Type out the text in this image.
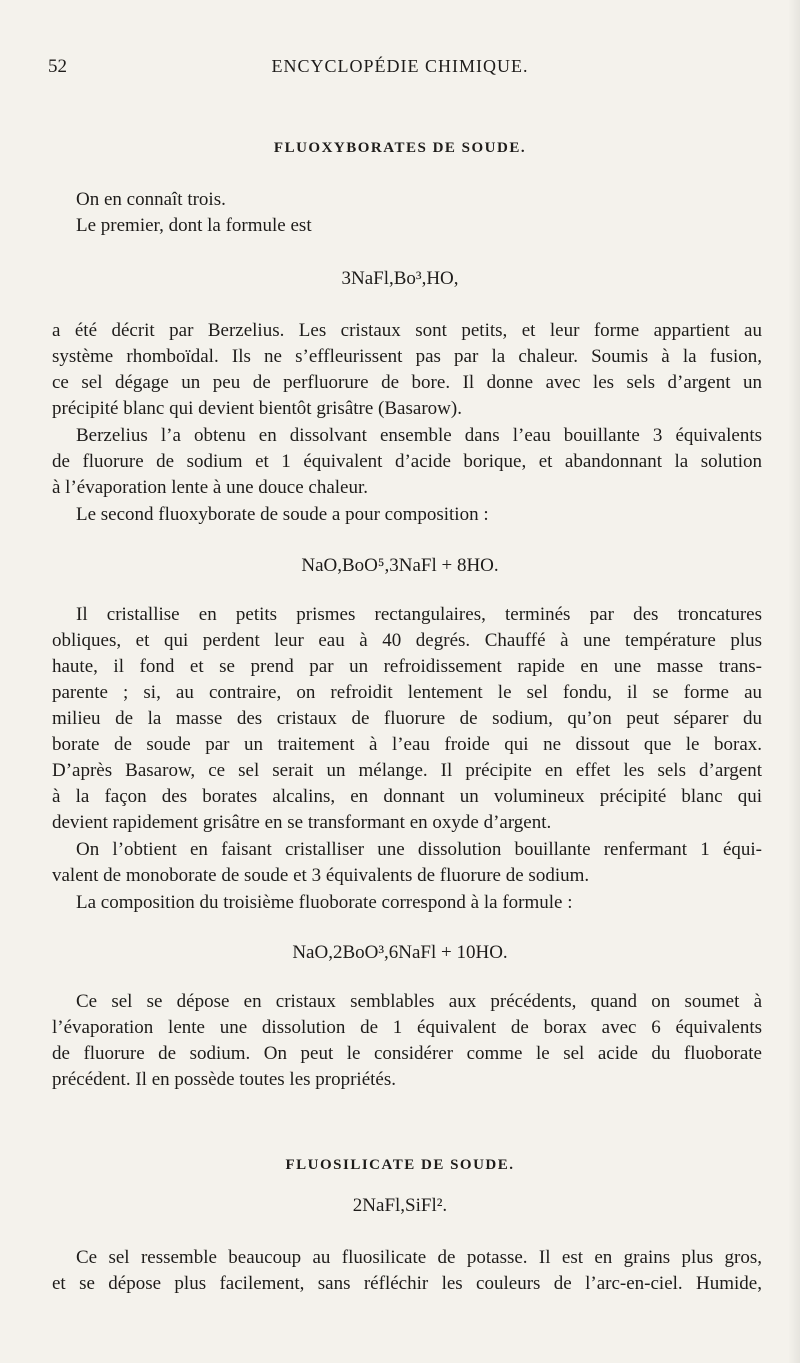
52	ENCYCLOPÉDIE CHIMIQUE.
FLUOXYBORATES DE SOUDE.
On en connaît trois.
Le premier, dont la formule est
3NaFl,Bo³,HO,
a été décrit par Berzelius. Les cristaux sont petits, et leur forme appartient au
système rhomboïdal. Ils ne s’effleurissent pas par la chaleur. Soumis à la fusion,
ce sel dégage un peu de perfluorure de bore. Il donne avec les sels d’argent un
précipité blanc qui devient bientôt grisâtre (Basarow).
Berzelius l’a obtenu en dissolvant ensemble dans l’eau bouillante 3 équivalents
de fluorure de sodium et 1 équivalent d’acide borique, et abandonnant la solution
à l’évaporation lente à une douce chaleur.
Le second fluoxyborate de soude a pour composition :
NaO,BoO⁵,3NaFl + 8HO.
Il cristallise en petits prismes rectangulaires, terminés par des troncatures
obliques, et qui perdent leur eau à 40 degrés. Chauffé à une température plus
haute, il fond et se prend par un refroidissement rapide en une masse trans-
parente ; si, au contraire, on refroidit lentement le sel fondu, il se forme au
milieu de la masse des cristaux de fluorure de sodium, qu’on peut séparer du
borate de soude par un traitement à l’eau froide qui ne dissout que le borax.
D’après Basarow, ce sel serait un mélange. Il précipite en effet les sels d’argent
à la façon des borates alcalins, en donnant un volumineux précipité blanc qui
devient rapidement grisâtre en se transformant en oxyde d’argent.
On l’obtient en faisant cristalliser une dissolution bouillante renfermant 1 équi-
valent de monoborate de soude et 3 équivalents de fluorure de sodium.
La composition du troisième fluoborate correspond à la formule :
NaO,2BoO³,6NaFl + 10HO.
Ce sel se dépose en cristaux semblables aux précédents, quand on soumet à
l’évaporation lente une dissolution de 1 équivalent de borax avec 6 équivalents
de fluorure de sodium. On peut le considérer comme le sel acide du fluoborate
précédent. Il en possède toutes les propriétés.
FLUOSILICATE DE SOUDE.
2NaFl,SiFl².
Ce sel ressemble beaucoup au fluosilicate de potasse. Il est en grains plus gros,
et se dépose plus facilement, sans réfléchir les couleurs de l’arc-en-ciel. Humide,
